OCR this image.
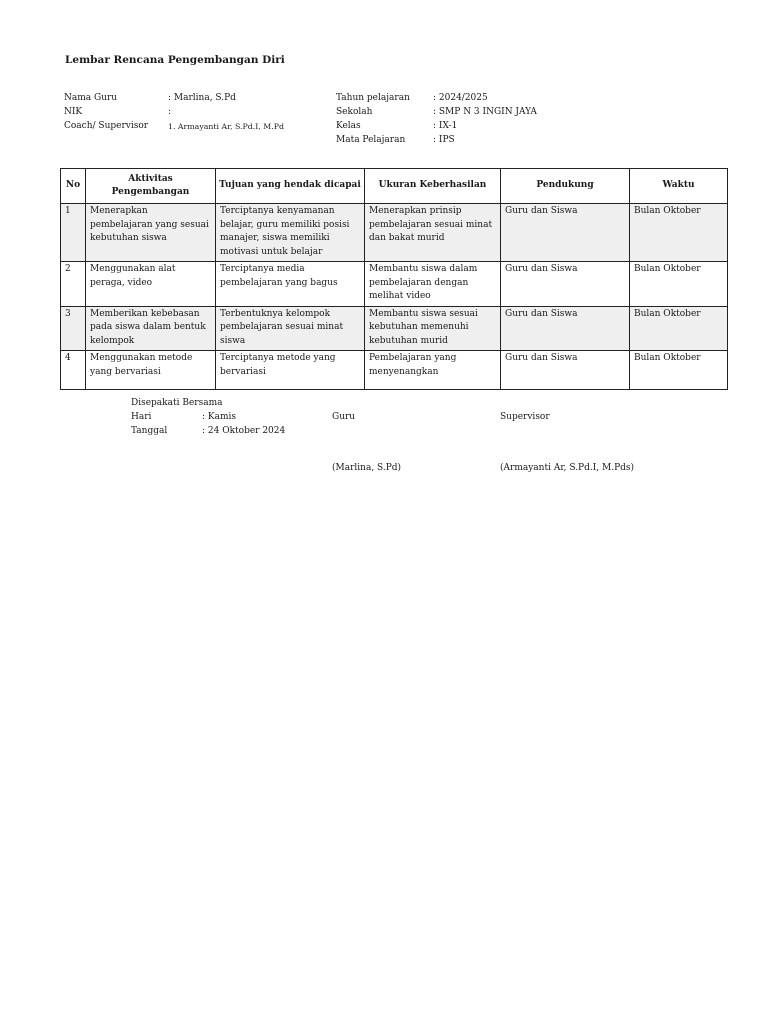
Lembar Rencana Pengembangan Diri
Nama Guru	: Marlina, S.Pd
NIK	:
Coach/ Supervisor	1. Armayanti Ar, S.Pd.I, M.Pd
Tahun pelajaran	: 2024/2025
Sekolah	: SMP N 3 INGIN JAYA
Kelas	: IX-1
Mata Pelajaran	: IPS
No	Aktivitas Pengembangan	Tujuan yang hendak dicapai	Ukuran Keberhasilan	Pendukung	Waktu
1	Menerapkan pembelajaran yang sesuai kebutuhan siswa	Terciptanya kenyamanan belajar, guru memiliki posisi manajer, siswa memiliki motivasi untuk belajar	Menerapkan prinsip pembelajaran sesuai minat dan bakat murid	Guru dan Siswa	Bulan Oktober
2	Menggunakan alat peraga, video	Terciptanya media pembelajaran yang bagus	Membantu siswa dalam pembelajaran dengan melihat video	Guru dan Siswa	Bulan Oktober
3	Memberikan kebebasan pada siswa dalam bentuk kelompok	Terbentuknya kelompok pembelajaran sesuai minat siswa	Membantu siswa sesuai kebutuhan memenuhi kebutuhan murid	Guru dan Siswa	Bulan Oktober
4	Menggunakan metode yang bervariasi	Terciptanya metode yang bervariasi	Pembelajaran yang menyenangkan	Guru dan Siswa	Bulan Oktober
Disepakati Bersama
Hari	: Kamis
Tanggal	: 24 Oktober 2024
Guru	Supervisor
(Marlina, S.Pd)	(Armayanti Ar, S.Pd.I, M.Pds)
